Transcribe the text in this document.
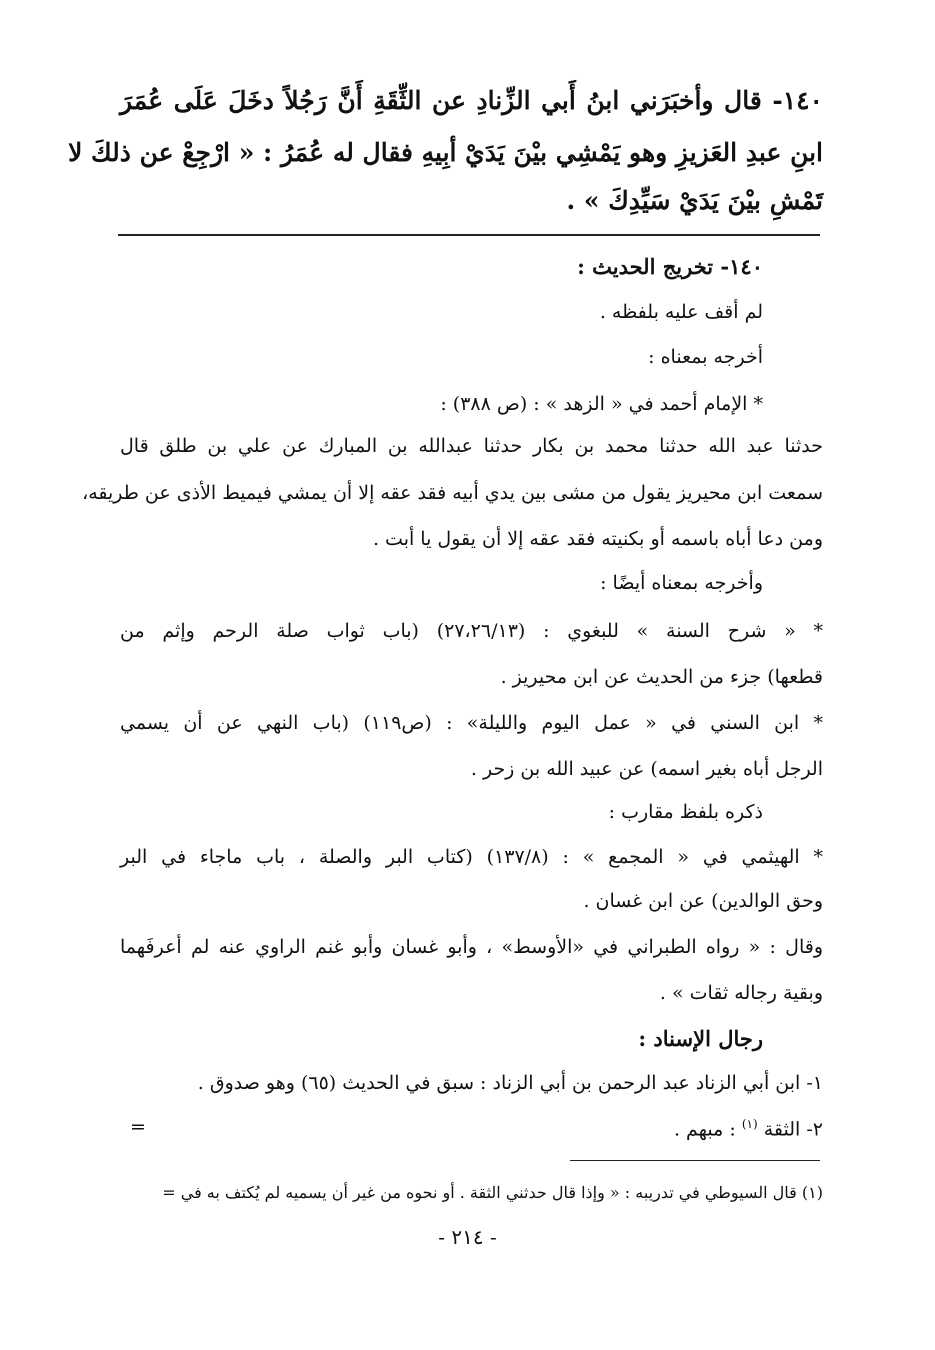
١٤٠- قال وأخبَرَني ابنُ أَبي الزِّنادِ عن الثِّقَةِ أَنَّ رَجُلاً دخَلَ عَلَى عُمَرَ
ابنِ عبدِ العَزيزِ وهو يَمْشِي بيْنَ يَدَيْ أبِيهِ فقال له عُمَرُ : « ارْجِعْ عن ذلكَ لا
تَمْشِ بيْنَ يَدَيْ سَيِّدِكَ » .
١٤٠- تخريج الحديث :
لم أقف عليه بلفظه .
أخرجه بمعناه :
* الإمام أحمد في « الزهد » : (ص ٣٨٨) :
حدثنا عبد الله حدثنا محمد بن بكار حدثنا عبدالله بن المبارك عن علي بن طلق قال
سمعت ابن محيريز يقول من مشى بين يدي أبيه فقد عقه إلا أن يمشي فيميط الأذى عن طريقه،
ومن دعا أباه باسمه أو بكنيته فقد عقه إلا أن يقول يا أبت .
وأخرجه بمعناه أيضًا :
* « شرح السنة » للبغوي : (٢٧،٢٦/١٣) (باب ثواب صلة الرحم وإثم من
قطعها) جزء من الحديث عن ابن محيريز .
* ابن السني في « عمل اليوم والليلة» : (ص١١٩) (باب النهي عن أن يسمي
الرجل أباه بغير اسمه) عن عبيد الله بن زحر .
ذكره بلفظ مقارب :
* الهيثمي في « المجمع » : (١٣٧/٨) (كتاب البر والصلة ، باب ماجاء في البر
وحق الوالدين) عن ابن غسان .
وقال : « رواه الطبراني في «الأوسط» ، وأبو غسان وأبو غنم الراوي عنه لم أعرفَهما
وبقية رجاله ثقات » .
رجال الإسناد :
١- ابن أبي الزناد عبد الرحمن بن أبي الزناد : سبق في الحديث (٦٥) وهو صدوق .
٢- الثقة $^{(١)}$ : مبهم .
=
(١) قال السيوطي في تدريبه : « وإذا قال حدثني الثقة . أو نحوه من غير أن يسميه لم يُكتف به في =
- ٢١٤ -
